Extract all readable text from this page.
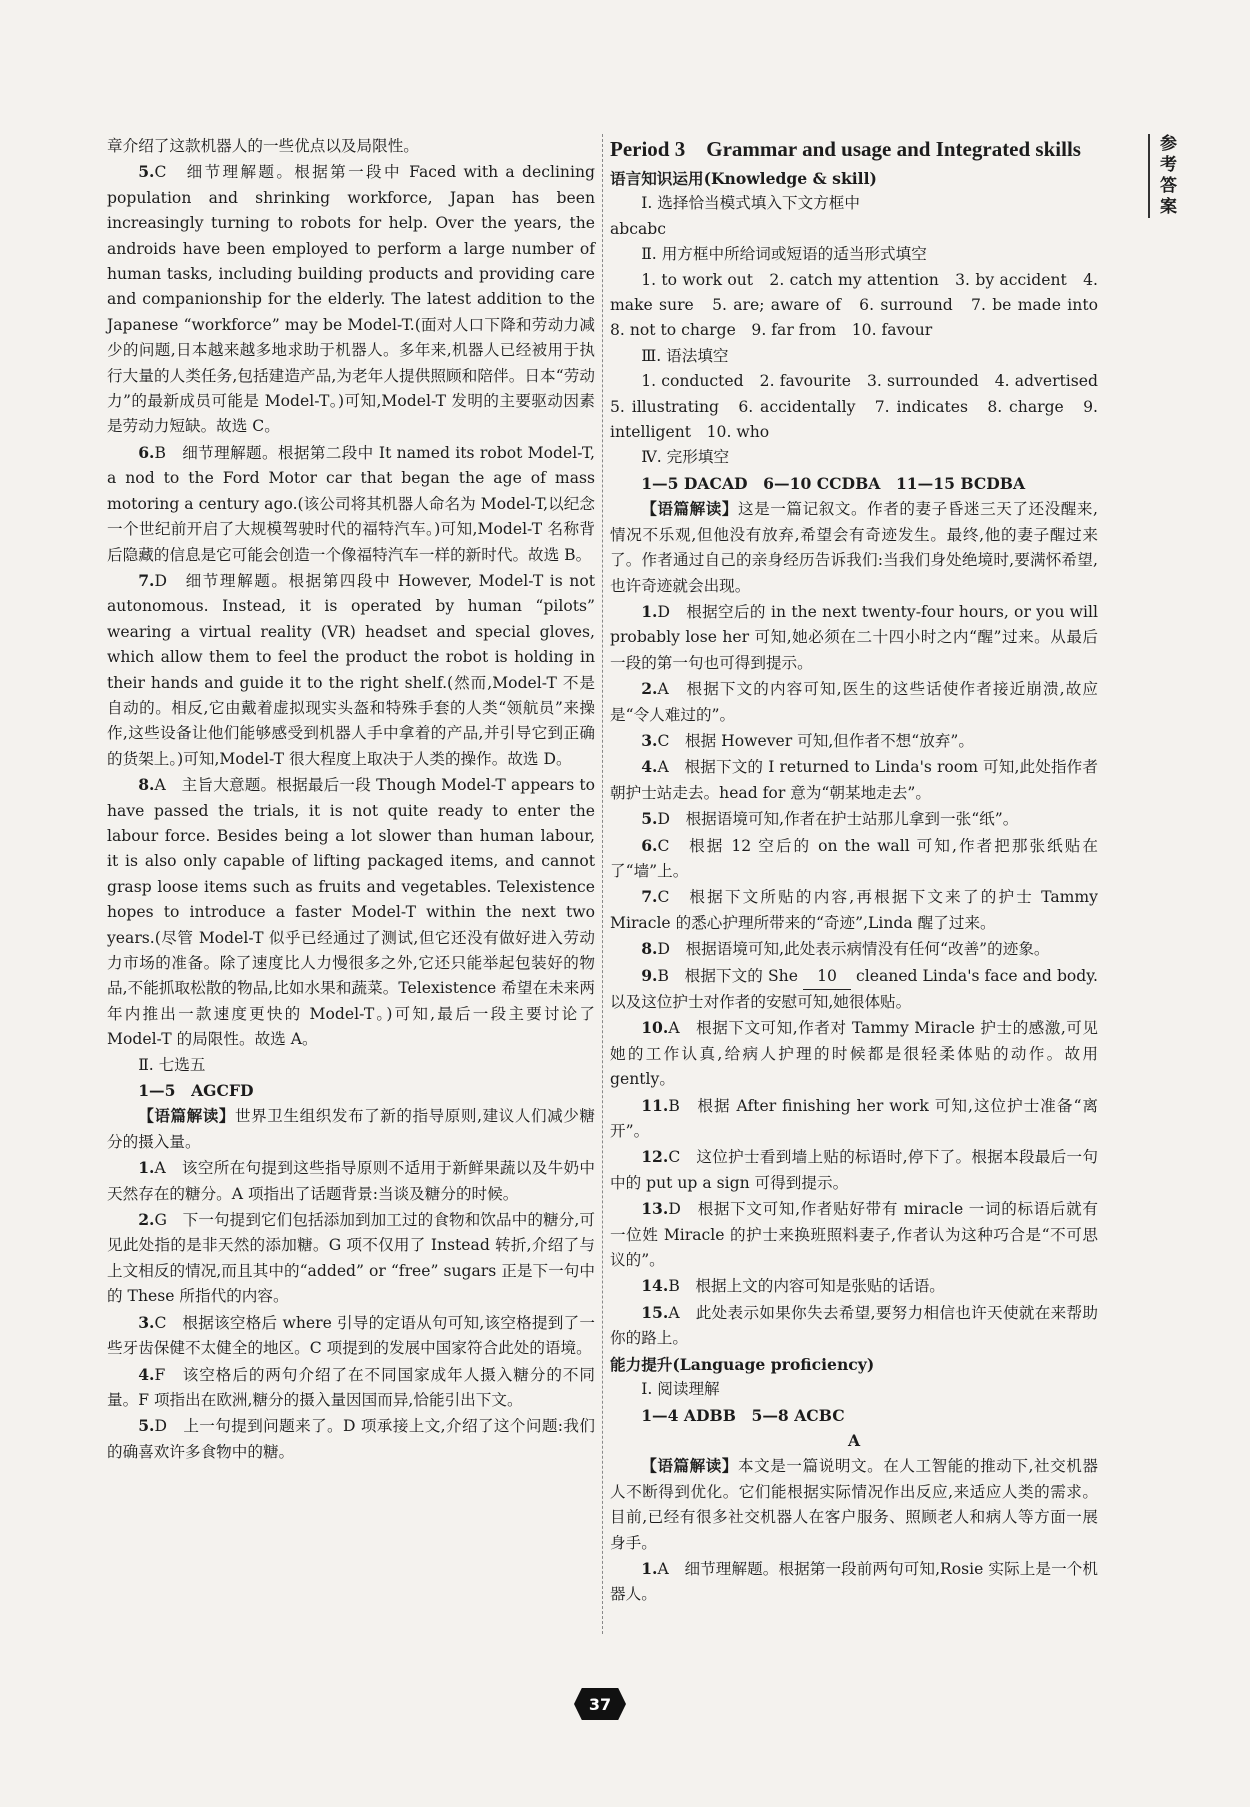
参考答案

章介绍了这款机器人的一些优点以及局限性。

5.C　细节理解题。根据第一段中 Faced with a declining population and shrinking workforce, Japan has been increasingly turning to robots for help. Over the years, the androids have been employed to perform a large number of human tasks, including building products and providing care and companionship for the elderly. The latest addition to the Japanese “workforce” may be Model-T.(面对人口下降和劳动力减少的问题,日本越来越多地求助于机器人。多年来,机器人已经被用于执行大量的人类任务,包括建造产品,为老年人提供照顾和陪伴。日本“劳动力”的最新成员可能是 Model-T。)可知,Model-T 发明的主要驱动因素是劳动力短缺。故选 C。

6.B　细节理解题。根据第二段中 It named its robot Model-T, a nod to the Ford Motor car that began the age of mass motoring a century ago.(该公司将其机器人命名为 Model-T,以纪念一个世纪前开启了大规模驾驶时代的福特汽车。)可知,Model-T 名称背后隐藏的信息是它可能会创造一个像福特汽车一样的新时代。故选 B。

7.D　细节理解题。根据第四段中 However, Model-T is not autonomous. Instead, it is operated by human “pilots” wearing a virtual reality (VR) headset and special gloves, which allow them to feel the product the robot is holding in their hands and guide it to the right shelf.(然而,Model-T 不是自动的。相反,它由戴着虚拟现实头盔和特殊手套的人类“领航员”来操作,这些设备让他们能够感受到机器人手中拿着的产品,并引导它到正确的货架上。)可知,Model-T 很大程度上取决于人类的操作。故选 D。

8.A　主旨大意题。根据最后一段 Though Model-T appears to have passed the trials, it is not quite ready to enter the labour force. Besides being a lot slower than human labour, it is also only capable of lifting packaged items, and cannot grasp loose items such as fruits and vegetables. Telexistence hopes to introduce a faster Model-T within the next two years.(尽管 Model-T 似乎已经通过了测试,但它还没有做好进入劳动力市场的准备。除了速度比人力慢很多之外,它还只能举起包装好的物品,不能抓取松散的物品,比如水果和蔬菜。Telexistence 希望在未来两年内推出一款速度更快的 Model-T。)可知,最后一段主要讨论了 Model-T 的局限性。故选 A。

Ⅱ. 七选五

1—5　AGCFD

【语篇解读】世界卫生组织发布了新的指导原则,建议人们减少糖分的摄入量。

1.A　该空所在句提到这些指导原则不适用于新鲜果蔬以及牛奶中天然存在的糖分。A 项指出了话题背景:当谈及糖分的时候。

2.G　下一句提到它们包括添加到加工过的食物和饮品中的糖分,可见此处指的是非天然的添加糖。G 项不仅用了 Instead 转折,介绍了与上文相反的情况,而且其中的“added” or “free” sugars 正是下一句中的 These 所指代的内容。

3.C　根据该空格后 where 引导的定语从句可知,该空格提到了一些牙齿保健不太健全的地区。C 项提到的发展中国家符合此处的语境。

4.F　该空格后的两句介绍了在不同国家成年人摄入糖分的不同量。F 项指出在欧洲,糖分的摄入量因国而异,恰能引出下文。

5.D　上一句提到问题来了。D 项承接上文,介绍了这个问题:我们的确喜欢许多食物中的糖。

Period 3　Grammar and usage and Integrated skills

语言知识运用(Knowledge & skill)

Ⅰ. 选择恰当模式填入下文方框中

abcabc

Ⅱ. 用方框中所给词或短语的适当形式填空

1. to work out　2. catch my attention　3. by accident　4. make sure　5. are; aware of　6. surround　7. be made into　8. not to charge　9. far from　10. favour

Ⅲ. 语法填空

1. conducted　2. favourite　3. surrounded　4. advertised　5. illustrating　6. accidentally　7. indicates　8. charge　9. intelligent　10. who

Ⅳ. 完形填空

1—5 DACAD　6—10 CCDBA　11—15 BCDBA

【语篇解读】这是一篇记叙文。作者的妻子昏迷三天了还没醒来,情况不乐观,但他没有放弃,希望会有奇迹发生。最终,他的妻子醒过来了。作者通过自己的亲身经历告诉我们:当我们身处绝境时,要满怀希望,也许奇迹就会出现。

1.D　根据空后的 in the next twenty-four hours, or you will probably lose her 可知,她必须在二十四小时之内“醒”过来。从最后一段的第一句也可得到提示。

2.A　根据下文的内容可知,医生的这些话使作者接近崩溃,故应是“令人难过的”。

3.C　根据 However 可知,但作者不想“放弃”。

4.A　根据下文的 I returned to Linda's room 可知,此处指作者朝护士站走去。head for 意为“朝某地走去”。

5.D　根据语境可知,作者在护士站那儿拿到一张“纸”。

6.C　根据 12 空后的 on the wall 可知,作者把那张纸贴在了“墙”上。

7.C　根据下文所贴的内容,再根据下文来了的护士 Tammy Miracle 的悉心护理所带来的“奇迹”,Linda 醒了过来。

8.D　根据语境可知,此处表示病情没有任何“改善”的迹象。

9.B　根据下文的 She 10 cleaned Linda's face and body. 以及这位护士对作者的安慰可知,她很体贴。

10.A　根据下文可知,作者对 Tammy Miracle 护士的感激,可见她的工作认真,给病人护理的时候都是很轻柔体贴的动作。故用 gently。

11.B　根据 After finishing her work 可知,这位护士准备“离开”。

12.C　这位护士看到墙上贴的标语时,停下了。根据本段最后一句中的 put up a sign 可得到提示。

13.D　根据下文可知,作者贴好带有 miracle 一词的标语后就有一位姓 Miracle 的护士来换班照料妻子,作者认为这种巧合是“不可思议的”。

14.B　根据上文的内容可知是张贴的话语。

15.A　此处表示如果你失去希望,要努力相信也许天使就在来帮助你的路上。

能力提升(Language proficiency)

Ⅰ. 阅读理解

1—4 ADBB　5—8 ACBC

A

【语篇解读】本文是一篇说明文。在人工智能的推动下,社交机器人不断得到优化。它们能根据实际情况作出反应,来适应人类的需求。目前,已经有很多社交机器人在客户服务、照顾老人和病人等方面一展身手。

1.A　细节理解题。根据第一段前两句可知,Rosie 实际上是一个机器人。

37
